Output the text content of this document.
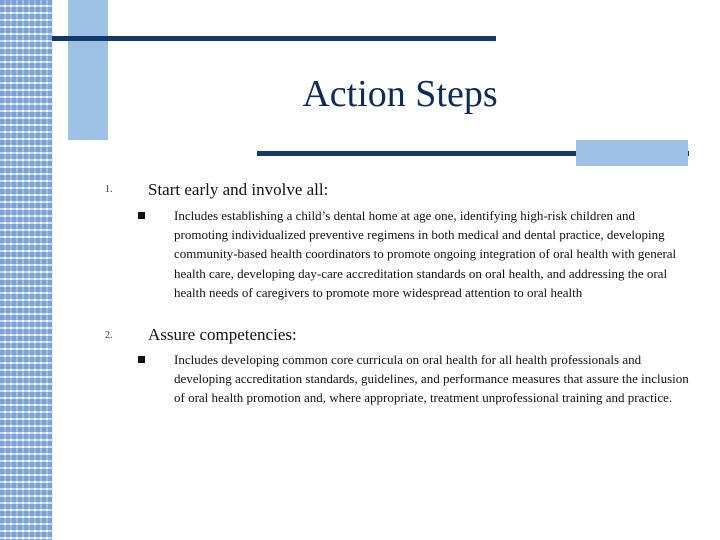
Action Steps
1. Start early and involve all:
Includes establishing a child’s dental home at age one, identifying high-risk children and promoting individualized preventive regimens in both medical and dental practice, developing community-based health coordinators to promote ongoing integration of oral health with general health care, developing day-care accreditation standards on oral health, and addressing the oral health needs of caregivers to promote more widespread attention to oral health
2. Assure competencies:
Includes developing common core curricula on oral health for all health professionals and developing accreditation standards, guidelines, and performance measures that assure the inclusion of oral health promotion and, where appropriate, treatment unprofessional training and practice.
